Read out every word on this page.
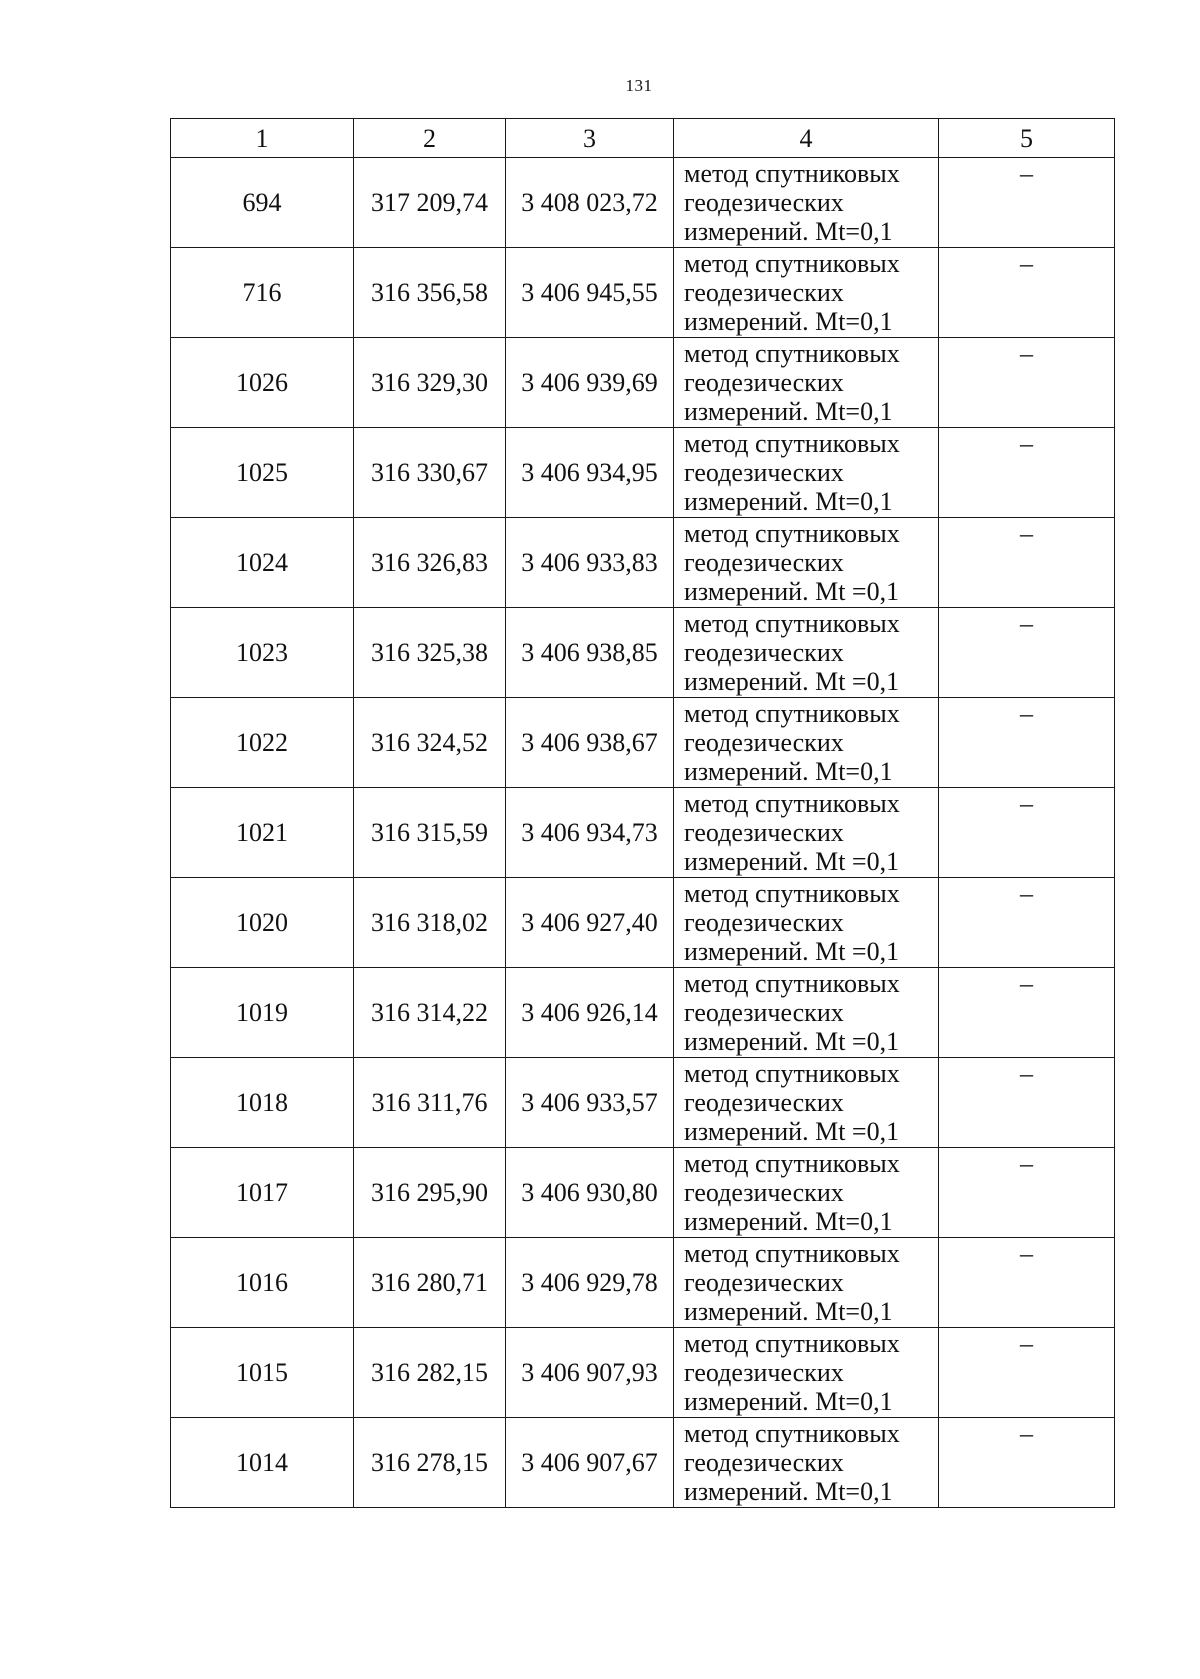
131
1	2	3	4	5
694	317 209,74	3 408 023,72	метод спутниковых
геодезических
измерений. Mt=0,1	–
716	316 356,58	3 406 945,55	метод спутниковых
геодезических
измерений. Mt=0,1	–
1026	316 329,30	3 406 939,69	метод спутниковых
геодезических
измерений. Mt=0,1	–
1025	316 330,67	3 406 934,95	метод спутниковых
геодезических
измерений. Mt=0,1	–
1024	316 326,83	3 406 933,83	метод спутниковых
геодезических
измерений. Mt =0,1	–
1023	316 325,38	3 406 938,85	метод спутниковых
геодезических
измерений. Mt =0,1	–
1022	316 324,52	3 406 938,67	метод спутниковых
геодезических
измерений. Mt=0,1	–
1021	316 315,59	3 406 934,73	метод спутниковых
геодезических
измерений. Mt =0,1	–
1020	316 318,02	3 406 927,40	метод спутниковых
геодезических
измерений. Mt =0,1	–
1019	316 314,22	3 406 926,14	метод спутниковых
геодезических
измерений. Mt =0,1	–
1018	316 311,76	3 406 933,57	метод спутниковых
геодезических
измерений. Mt =0,1	–
1017	316 295,90	3 406 930,80	метод спутниковых
геодезических
измерений. Mt=0,1	–
1016	316 280,71	3 406 929,78	метод спутниковых
геодезических
измерений. Mt=0,1	–
1015	316 282,15	3 406 907,93	метод спутниковых
геодезических
измерений. Mt=0,1	–
1014	316 278,15	3 406 907,67	метод спутниковых
геодезических
измерений. Mt=0,1	–
